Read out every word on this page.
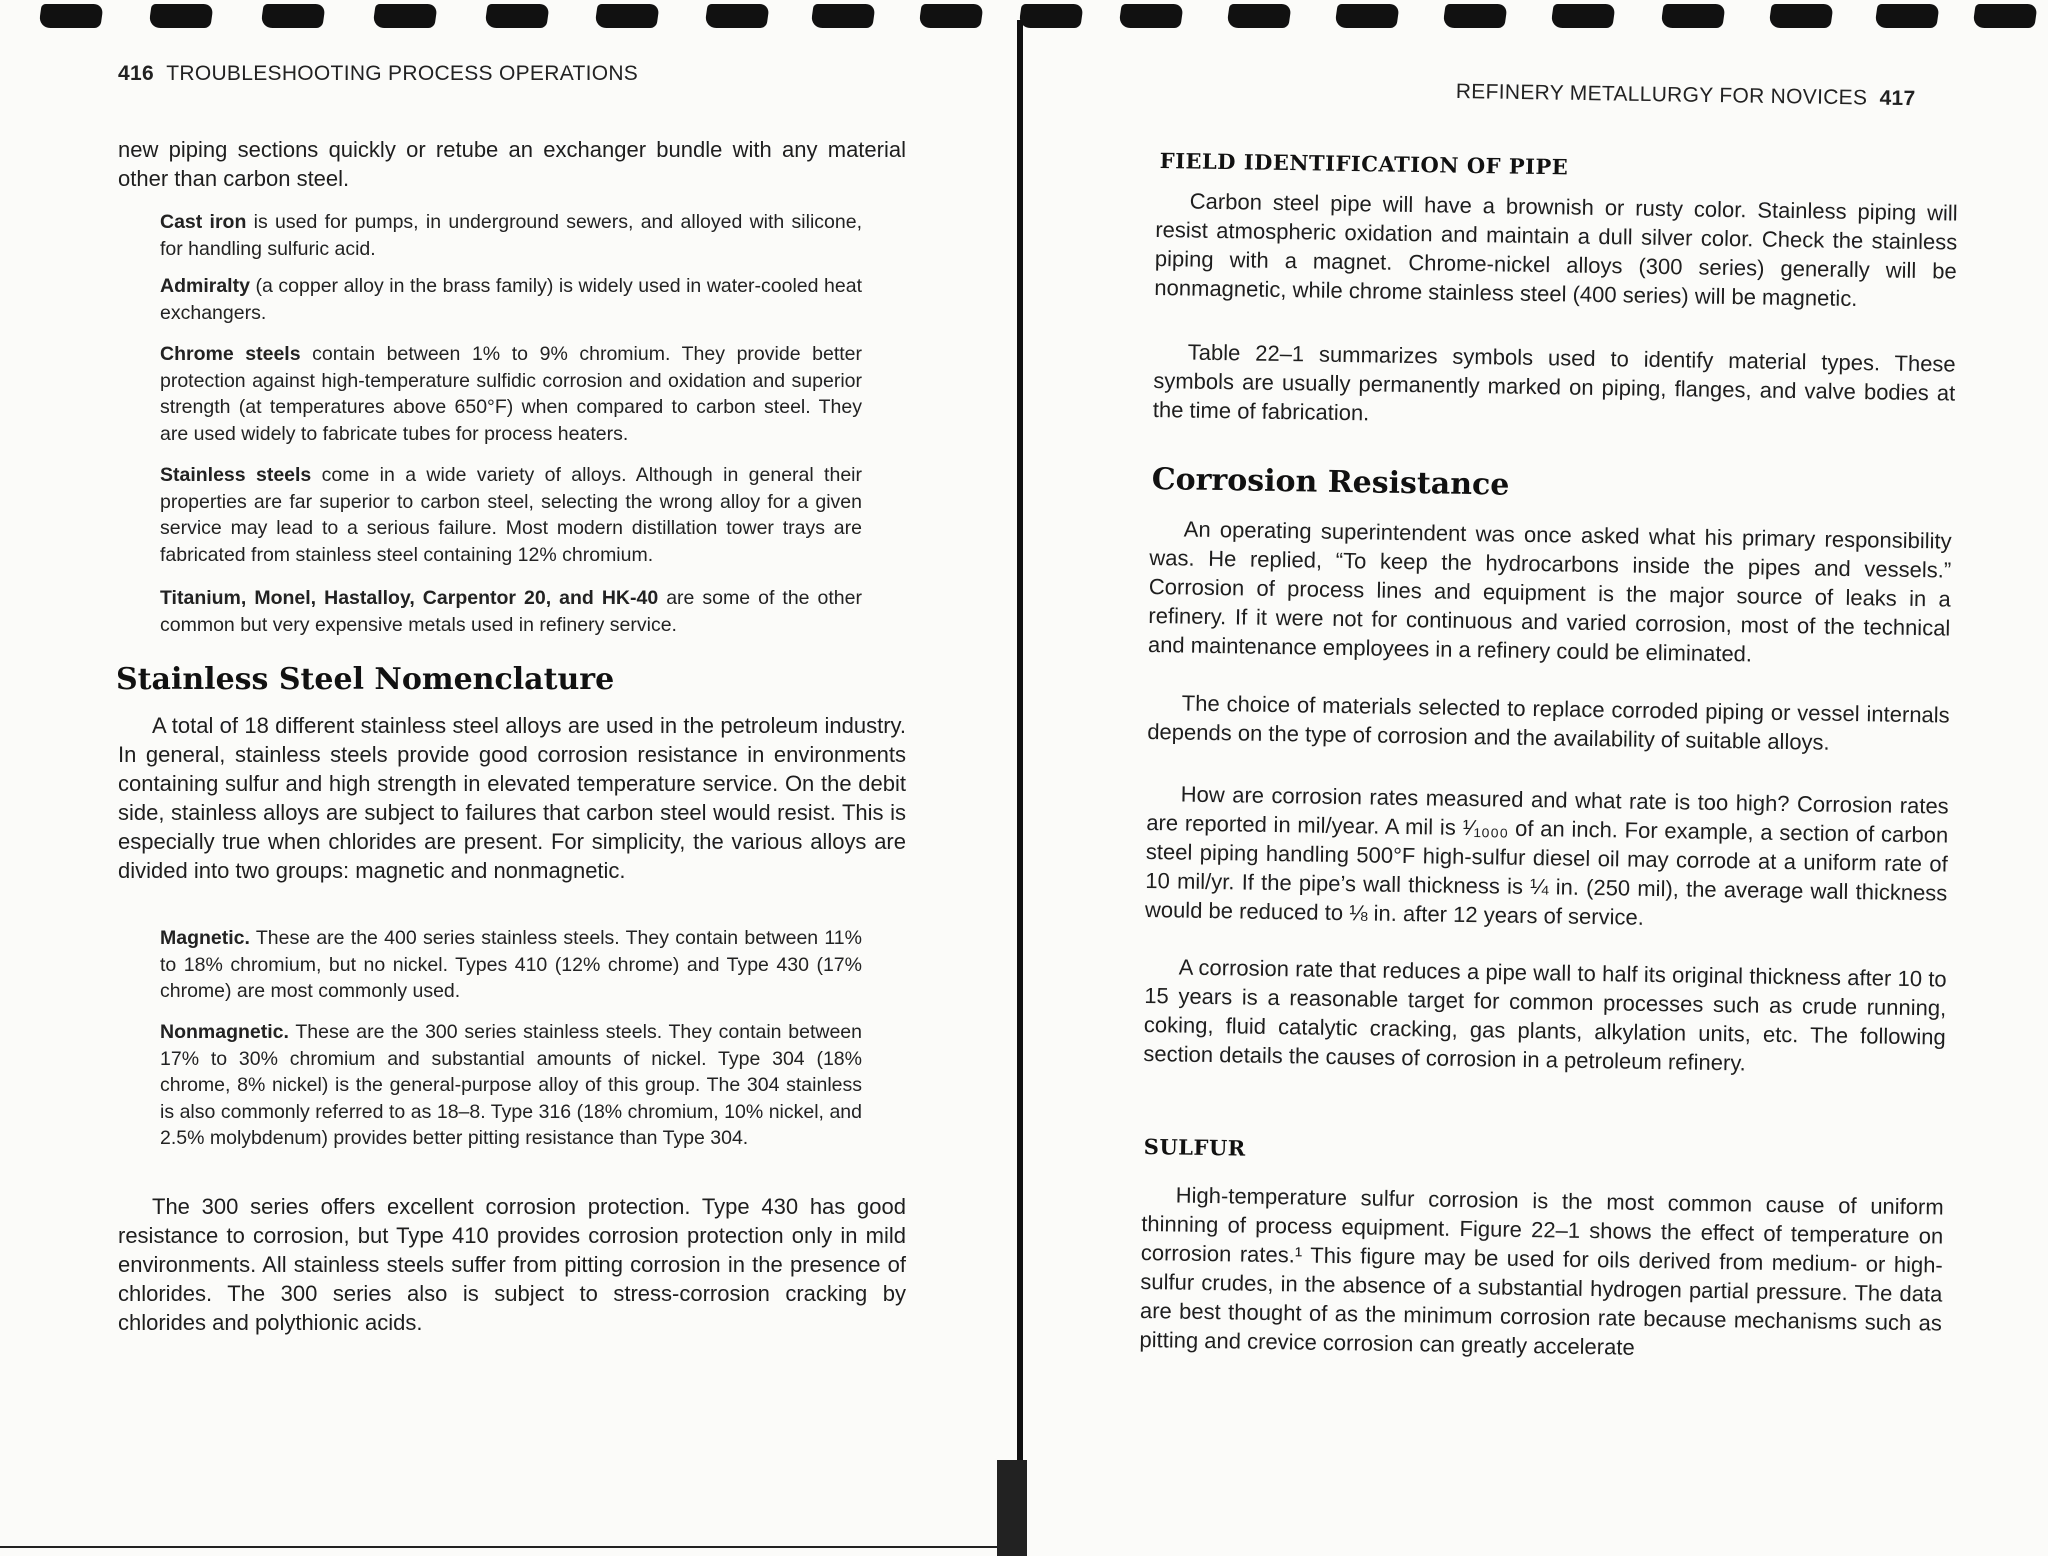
416 TROUBLESHOOTING PROCESS OPERATIONS
new piping sections quickly or retube an exchanger bundle with any material other than carbon steel.
Cast iron is used for pumps, in underground sewers, and alloyed with silicone, for handling sulfuric acid.
Admiralty (a copper alloy in the brass family) is widely used in water-cooled heat exchangers.
Chrome steels contain between 1% to 9% chromium. They provide better protection against high-temperature sulfidic corrosion and oxidation and superior strength (at temperatures above 650°F) when compared to carbon steel. They are used widely to fabricate tubes for process heaters.
Stainless steels come in a wide variety of alloys. Although in general their properties are far superior to carbon steel, selecting the wrong alloy for a given service may lead to a serious failure. Most modern distillation tower trays are fabricated from stainless steel containing 12% chromium.
Titanium, Monel, Hastalloy, Carpentor 20, and HK-40 are some of the other common but very expensive metals used in refinery service.
Stainless Steel Nomenclature
A total of 18 different stainless steel alloys are used in the petroleum industry. In general, stainless steels provide good corrosion resistance in environments containing sulfur and high strength in elevated temperature service. On the debit side, stainless alloys are subject to failures that carbon steel would resist. This is especially true when chlorides are present. For simplicity, the various alloys are divided into two groups: magnetic and nonmagnetic.
Magnetic. These are the 400 series stainless steels. They contain between 11% to 18% chromium, but no nickel. Types 410 (12% chrome) and Type 430 (17% chrome) are most commonly used.
Nonmagnetic. These are the 300 series stainless steels. They contain between 17% to 30% chromium and substantial amounts of nickel. Type 304 (18% chrome, 8% nickel) is the general-purpose alloy of this group. The 304 stainless is also commonly referred to as 18–8. Type 316 (18% chromium, 10% nickel, and 2.5% molybdenum) provides better pitting resistance than Type 304.
The 300 series offers excellent corrosion protection. Type 430 has good resistance to corrosion, but Type 410 provides corrosion protection only in mild environments. All stainless steels suffer from pitting corrosion in the presence of chlorides. The 300 series also is subject to stress-corrosion cracking by chlorides and polythionic acids.
REFINERY METALLURGY FOR NOVICES 417
FIELD IDENTIFICATION OF PIPE
Carbon steel pipe will have a brownish or rusty color. Stainless piping will resist atmospheric oxidation and maintain a dull silver color. Check the stainless piping with a magnet. Chrome-nickel alloys (300 series) generally will be nonmagnetic, while chrome stainless steel (400 series) will be magnetic.
Table 22–1 summarizes symbols used to identify material types. These symbols are usually permanently marked on piping, flanges, and valve bodies at the time of fabrication.
Corrosion Resistance
An operating superintendent was once asked what his primary responsibility was. He replied, “To keep the hydrocarbons inside the pipes and vessels.” Corrosion of process lines and equipment is the major source of leaks in a refinery. If it were not for continuous and varied corrosion, most of the technical and maintenance employees in a refinery could be eliminated.
The choice of materials selected to replace corroded piping or vessel internals depends on the type of corrosion and the availability of suitable alloys.
How are corrosion rates measured and what rate is too high? Corrosion rates are reported in mil/year. A mil is ¹⁄₁₀₀₀ of an inch. For example, a section of carbon steel piping handling 500°F high-sulfur diesel oil may corrode at a uniform rate of 10 mil/yr. If the pipe’s wall thickness is ¼ in. (250 mil), the average wall thickness would be reduced to ⅛ in. after 12 years of service.
A corrosion rate that reduces a pipe wall to half its original thickness after 10 to 15 years is a reasonable target for common processes such as crude running, coking, fluid catalytic cracking, gas plants, alkylation units, etc. The following section details the causes of corrosion in a petroleum refinery.
SULFUR
High-temperature sulfur corrosion is the most common cause of uniform thinning of process equipment. Figure 22–1 shows the effect of temperature on corrosion rates.¹ This figure may be used for oils derived from medium- or high-sulfur crudes, in the absence of a substantial hydrogen partial pressure. The data are best thought of as the minimum corrosion rate because mechanisms such as pitting and crevice corrosion can greatly accelerate
